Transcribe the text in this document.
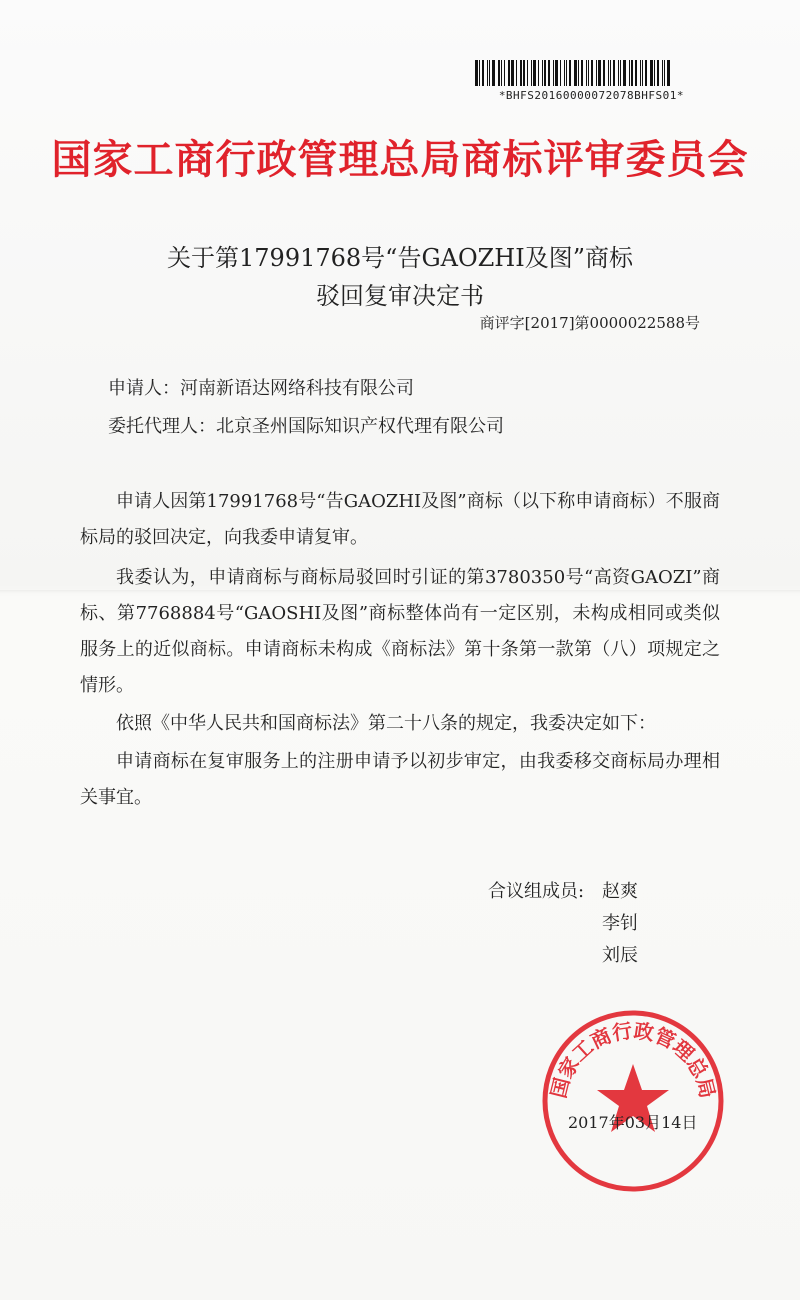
*BHFS20160000072078BHFS01*
国家工商行政管理总局商标评审委员会
关于第17991768号“告GAOZHI及图”商标
驳回复审决定书
商评字[2017]第0000022588号
申请人：河南新语达网络科技有限公司
委托代理人：北京圣州国际知识产权代理有限公司

申请人因第17991768号“告GAOZHI及图”商标（以下称申请商标）不服商标局的驳回决定，向我委申请复审。

我委认为，申请商标与商标局驳回时引证的第3780350号“高资GAOZI”商标、第7768884号“GAOSHI及图”商标整体尚有一定区别，未构成相同或类似服务上的近似商标。申请商标未构成《商标法》第十条第一款第（八）项规定之情形。

依照《中华人民共和国商标法》第二十八条的规定，我委决定如下：

申请商标在复审服务上的注册申请予以初步审定，由我委移交商标局办理相关事宜。

合议组成员: 赵爽
李钊
刘辰
国家工商行政管理总局
2017年03月14日
